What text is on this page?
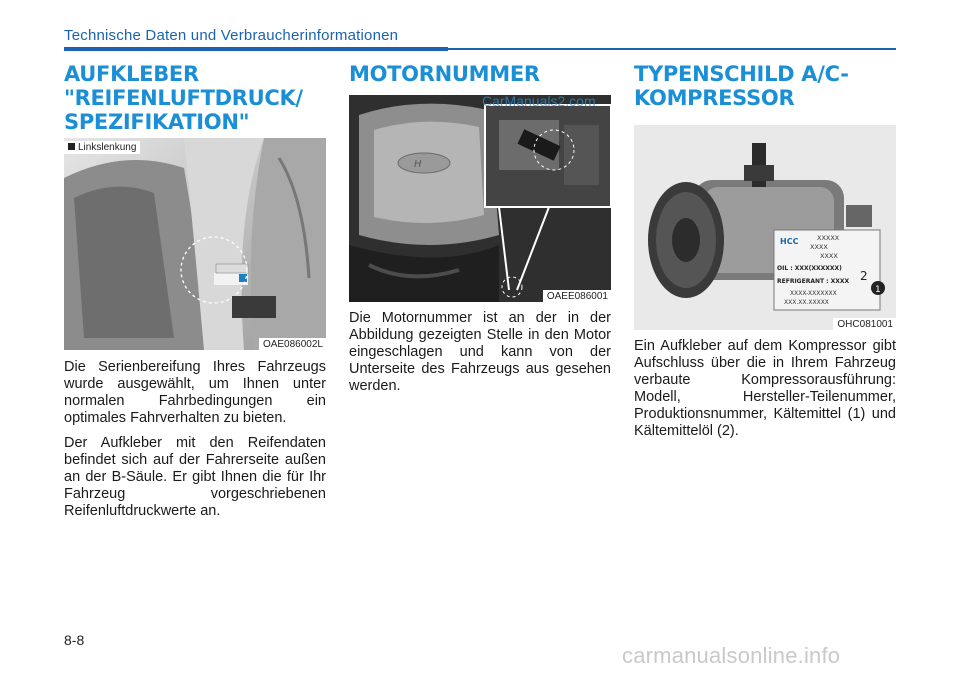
Technische Daten und Verbraucherinformationen
AUFKLEBER
"REIFENLUFTDRUCK/
SPEZIFIKATION"
OAE086002L
Linkslenkung

Die Serienbereifung Ihres Fahrzeugs wurde ausgewählt, um Ihnen unter normalen Fahrbedingungen ein optimales Fahrverhalten zu bieten.

Der Aufkleber mit den Reifendaten befindet sich auf der Fahrerseite außen an der B-Säule. Er gibt Ihnen die für Ihr Fahrzeug vorgeschriebenen Reifenluftdruckwerte an.

MOTORNUMMER
H
OAEE086001
CarManuals2.com

Die Motornummer ist an der in der Abbildung gezeigten Stelle in den Motor eingeschlagen und kann von der Unterseite des Fahrzeugs aus gesehen werden.

TYPENSCHILD A/C-
KOMPRESSOR
HCC	XXXXX
XXXX
XXXX
OIL : XXX(XXXXXX)
REFRIGERANT : XXXX
XXXX-XXXXXXX
XXX.XX.XXXXX
2
1
OHC081001

Ein Aufkleber auf dem Kompressor gibt Aufschluss über die in Ihrem Fahrzeug verbaute Kompressorausführung: Modell, Hersteller-Teilenummer, Produktionsnummer, Kältemittel (1) und Kältemittelöl (2).

8-8
carmanualsonline.info
